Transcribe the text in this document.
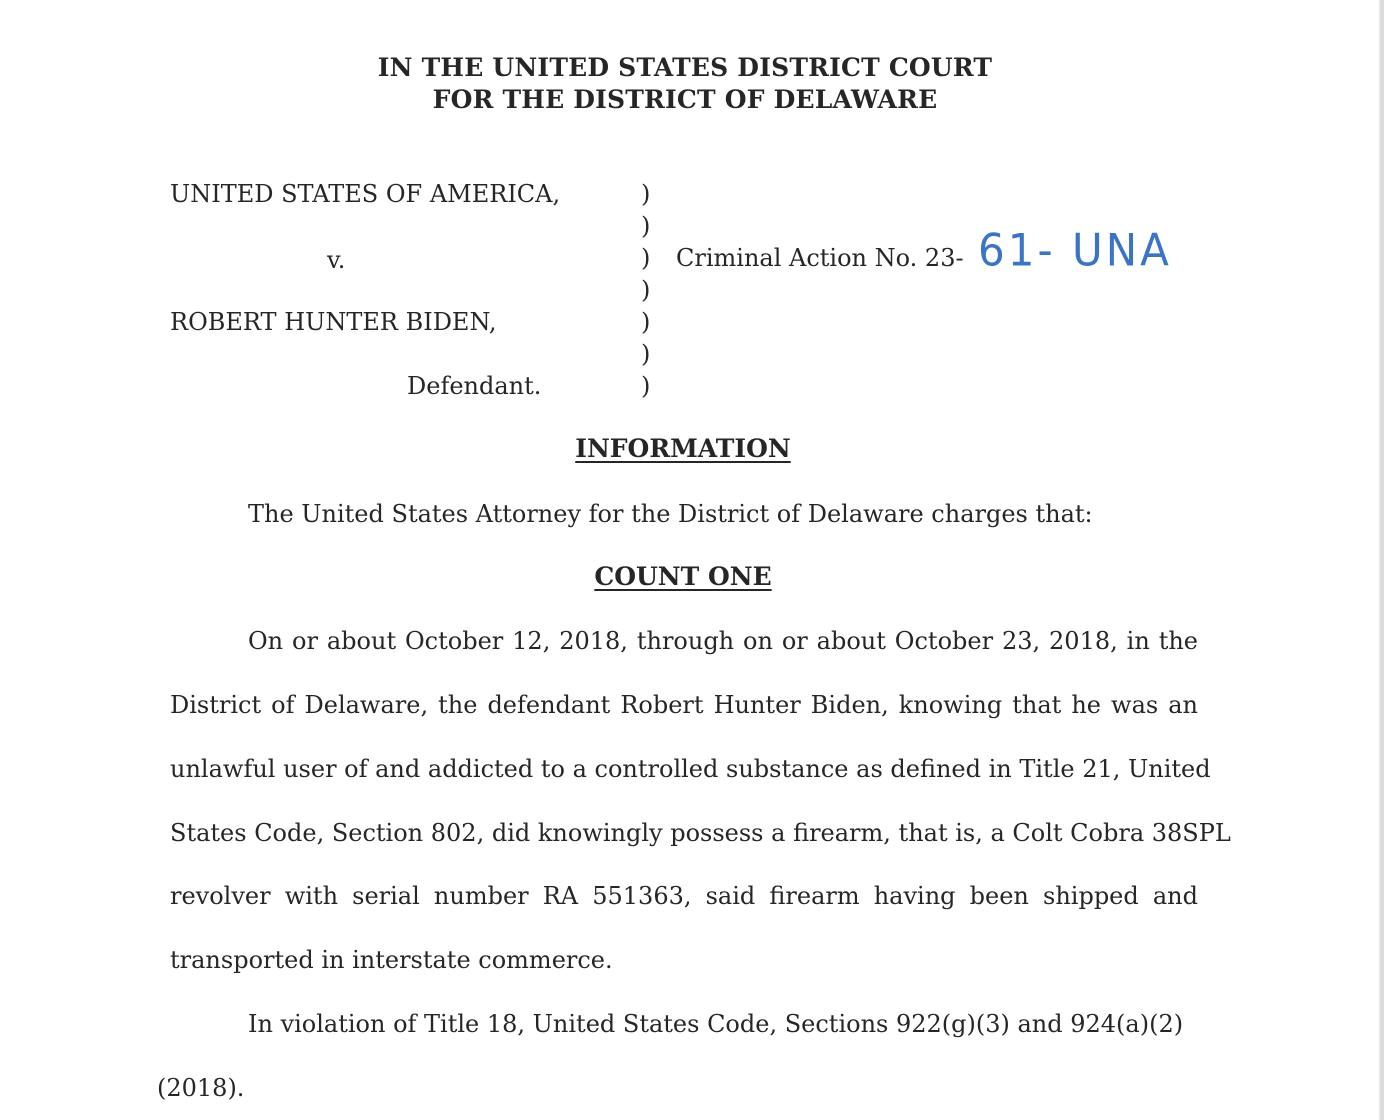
IN THE UNITED STATES DISTRICT COURT
FOR THE DISTRICT OF DELAWARE
UNITED STATES OF AMERICA,
v.
ROBERT HUNTER BIDEN,
Defendant.
)
)
)
)
)
)
)
Criminal Action No. 23- 61- UNA
INFORMATION
The United States Attorney for the District of Delaware charges that:
COUNT ONE
On or about October 12, 2018, through on or about October 23, 2018, in the
District of Delaware, the defendant Robert Hunter Biden, knowing that he was an
unlawful user of and addicted to a controlled substance as defined in Title 21, United
States Code, Section 802, did knowingly possess a firearm, that is, a Colt Cobra 38SPL
revolver with serial number RA 551363, said firearm having been shipped and
transported in interstate commerce.
In violation of Title 18, United States Code, Sections 922(g)(3) and 924(a)(2)
(2018).
